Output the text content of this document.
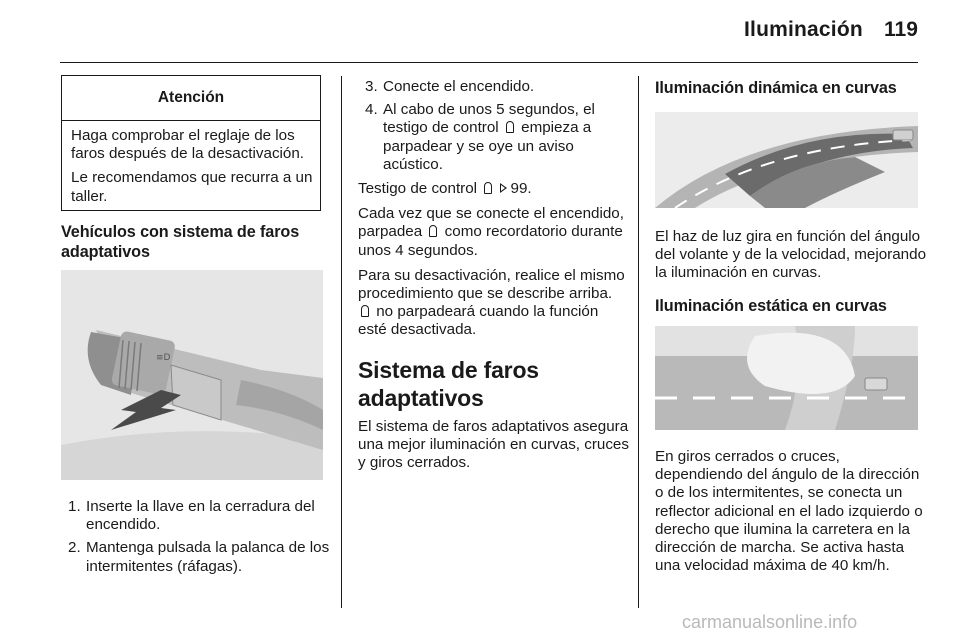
Iluminación 119
Atención

Haga comprobar el reglaje de los faros después de la desactivación.

Le recomendamos que recurra a un taller.

Vehículos con sistema de faros adaptativos
≡D
1. Inserte la llave en la cerradura del encendido.
2. Mantenga pulsada la palanca de los intermitentes (ráfagas).
3. Conecte el encendido.
4. Al cabo de unos 5 segundos, el testigo de control empieza a parpadear y se oye un aviso acústico.

Testigo de control 99.

Cada vez que se conecte el encendido, parpadea como recordatorio durante unos 4 segundos.

Para su desactivación, realice el mismo procedimiento que se describe arriba.  no parpadeará cuando la función esté desactivada.

Sistema de faros adaptativos

El sistema de faros adaptativos asegura una mejor iluminación en curvas, cruces y giros cerrados.

Iluminación dinámica en curvas
El haz de luz gira en función del ángulo del volante y de la velocidad, mejorando la iluminación en curvas.
Iluminación estática en curvas
En giros cerrados o cruces, dependiendo del ángulo de la dirección o de los intermitentes, se conecta un reflector adicional en el lado izquierdo o derecho que ilumina la carretera en la dirección de marcha. Se activa hasta una velocidad máxima de 40 km/h.
carmanualsonline.info
